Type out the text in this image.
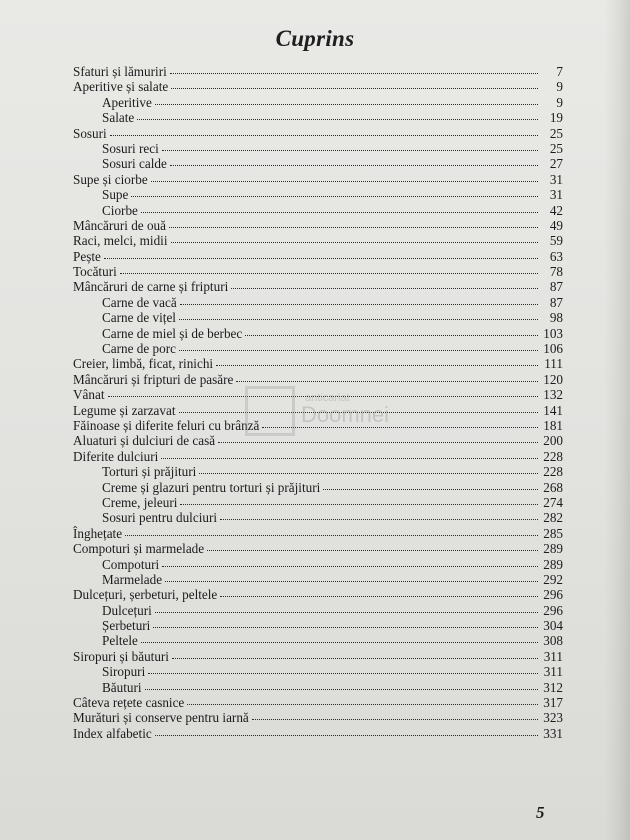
Cuprins
Sfaturi și lămuriri	7
Aperitive și salate	9
Aperitive	9
Salate	19
Sosuri	25
Sosuri reci	25
Sosuri calde	27
Supe și ciorbe	31
Supe	31
Ciorbe	42
Mâncăruri de ouă	49
Raci, melci, midii	59
Pește	63
Tocături	78
Mâncăruri de carne și fripturi	87
Carne de vacă	87
Carne de vițel	98
Carne de miel și de berbec	103
Carne de porc	106
Creier, limbă, ficat, rinichi	111
Mâncăruri și fripturi de pasăre	120
Vânat	132
Legume și zarzavat	141
Făinoase și diferite feluri cu brânză	181
Aluaturi și dulciuri de casă	200
Diferite dulciuri	228
Torturi și prăjituri	228
Creme și glazuri pentru torturi și prăjituri	268
Creme, jeleuri	274
Sosuri pentru dulciuri	282
Înghețate	285
Compoturi și marmelade	289
Compoturi	289
Marmelade	292
Dulcețuri, șerbeturi, peltele	296
Dulcețuri	296
Șerbeturi	304
Peltele	308
Siropuri și băuturi	311
Siropuri	311
Băuturi	312
Câteva rețete casnice	317
Murături și conserve pentru iarnă	323
Index alfabetic	331
anticariat
Doomnei
5
